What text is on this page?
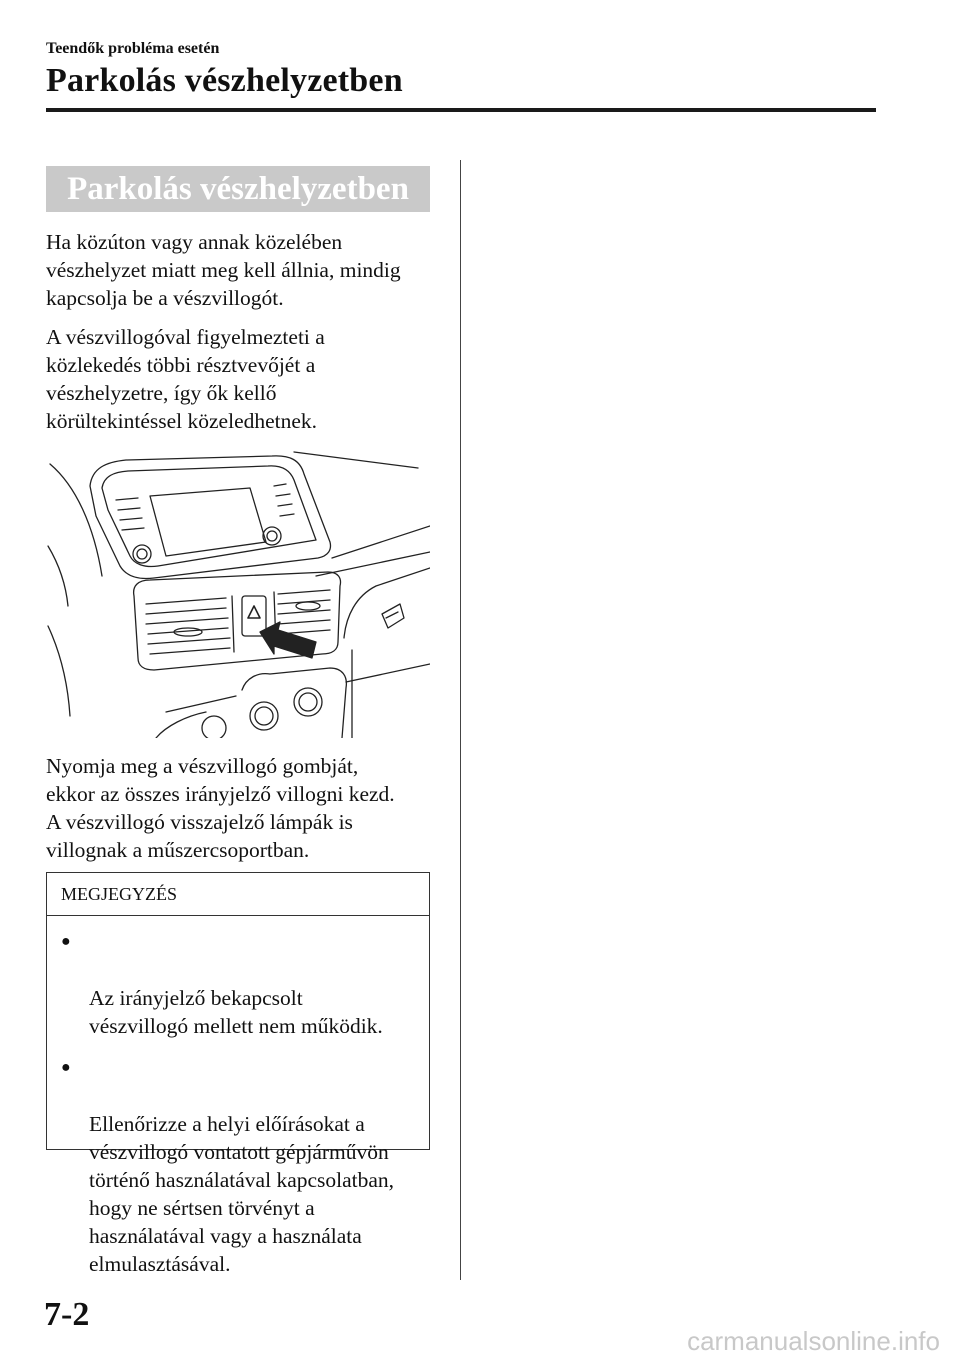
Teendők probléma esetén
Parkolás vészhelyzetben
Parkolás vészhelyzetben

Ha közúton vagy annak közelében
vészhelyzet miatt meg kell állnia, mindig
kapcsolja be a vészvillogót.

A vészvillogóval figyelmezteti a
közlekedés többi résztvevőjét a
vészhelyzetre, így ők kellő
körültekintéssel közeledhetnek.

Nyomja meg a vészvillogó gombját,
ekkor az összes irányjelző villogni kezd.
A vészvillogó visszajelző lámpák is
villognak a műszercsoportban.

MEGJEGYZÉS

●

Az irányjelző bekapcsolt
vészvillogó mellett nem működik.

●

Ellenőrizze a helyi előírásokat a
vészvillogó vontatott gépjárművön
történő használatával kapcsolatban,
hogy ne sértsen törvényt a
használatával vagy a használata
elmulasztásával.

7-2
carmanualsonline.info
